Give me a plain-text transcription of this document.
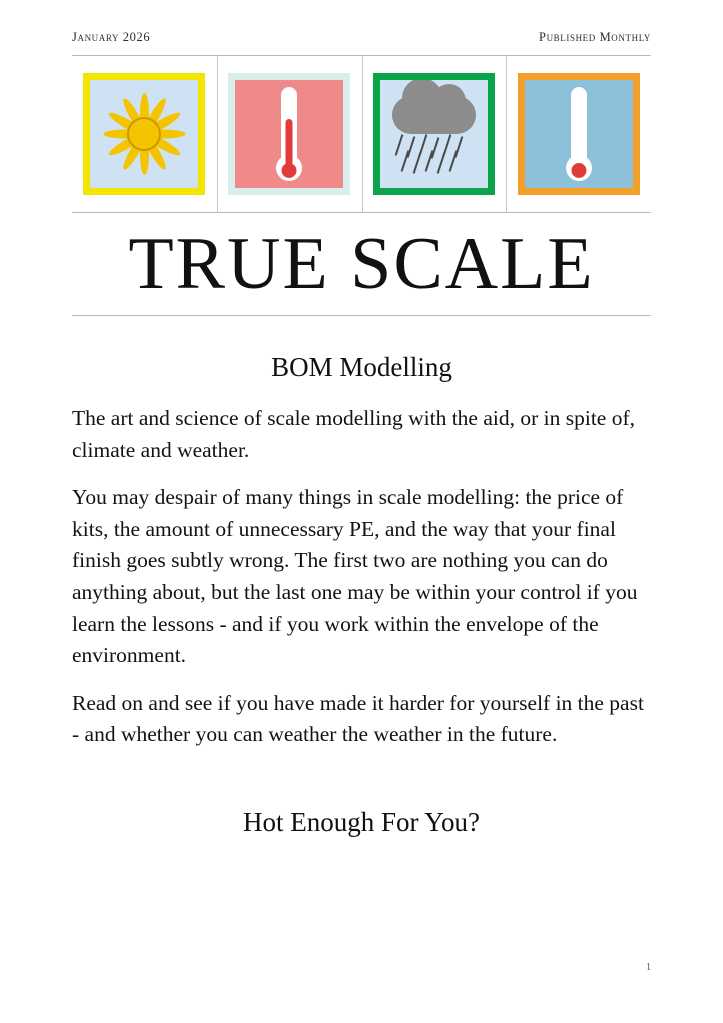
January 2026	Published Monthly
TRUE SCALE
BOM Modelling

The art and science of scale modelling with the aid, or in spite of, climate and weather.

You may despair of many things in scale modelling: the price of kits, the amount of unnecessary PE, and the way that your final finish goes subtly wrong. The first two are nothing you can do anything about, but the last one may be within your control if you learn the lessons - and if you work within the envelope of the environment.

Read on and see if you have made it harder for yourself in the past - and whether you can weather the weather in the future.

Hot Enough For You?
1
